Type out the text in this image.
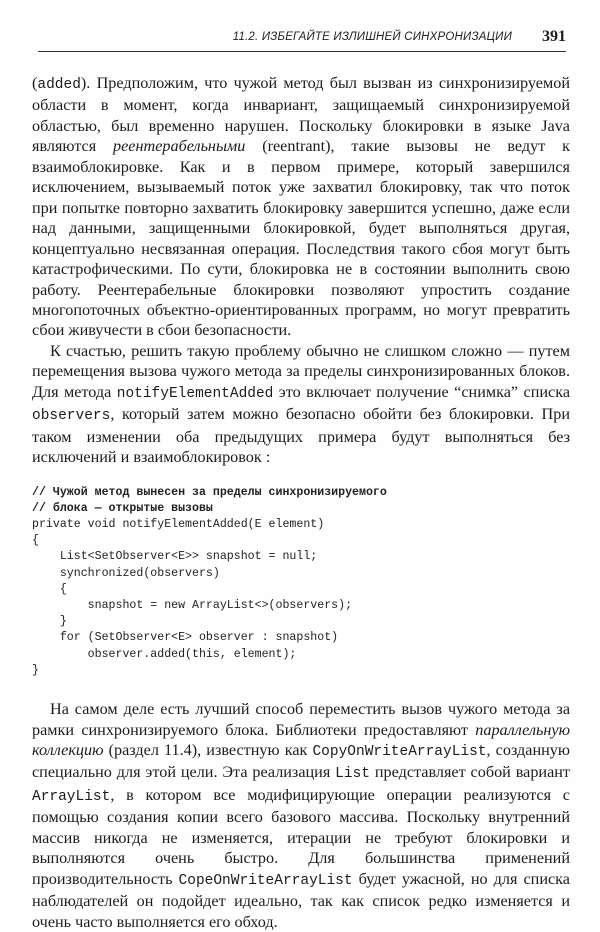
11.2. ИЗБЕГАЙТЕ ИЗЛИШНЕЙ СИНХРОНИЗАЦИИ 391

(added). Предположим, что чужой метод был вызван из синхронизируемой области в момент, когда инвариант, защищаемый синхронизируемой областью, был временно нарушен. Поскольку блокировки в языке Java являются реентерабельными (reentrant), такие вызовы не ведут к взаимоблокировке. Как и в первом примере, который завершился исключением, вызываемый поток уже захватил блокировку, так что поток при попытке повторно захватить блокировку завершится успешно, даже если над данными, защищенными блокировкой, будет выполняться другая, концептуально несвязанная операция. Последствия такого сбоя могут быть катастрофическими. По сути, блокировка не в состоянии выполнить свою работу. Реентерабельные блокировки позволяют упростить создание многопоточных объектно-ориентированных программ, но могут превратить сбои живучести в сбои безопасности.

К счастью, решить такую проблему обычно не слишком сложно — путем перемещения вызова чужого метода за пределы синхронизированных блоков. Для метода notifyElementAdded это включает получение “снимка” списка observers, который затем можно безопасно обойти без блокировки. При таком изменении оба предыдущих примера будут выполняться без исключений и взаимоблокировок :

// Чужой метод вынесен за пределы синхронизируемого
// блока — открытые вызовы
private void notifyElementAdded(E element)
{
List<SetObserver<E>> snapshot = null;
synchronized(observers)
{
snapshot = new ArrayList<>(observers);
}
for (SetObserver<E> observer : snapshot)
observer.added(this, element);
}

На самом деле есть лучший способ переместить вызов чужого метода за рамки синхронизируемого блока. Библиотеки предоставляют параллельную коллекцию (раздел 11.4), известную как CopyOnWriteArrayList, созданную специально для этой цели. Эта реализация List представляет собой вариант ArrayList, в котором все модифицирующие операции реализуются с помощью создания копии всего базового массива. Поскольку внутренний массив никогда не изменяется, итерации не требуют блокировки и выполняются очень быстро. Для большинства применений производительность CopeOnWriteArrayList будет ужасной, но для списка наблюдателей он подойдет идеально, так как список редко изменяется и очень часто выполняется его обход.
